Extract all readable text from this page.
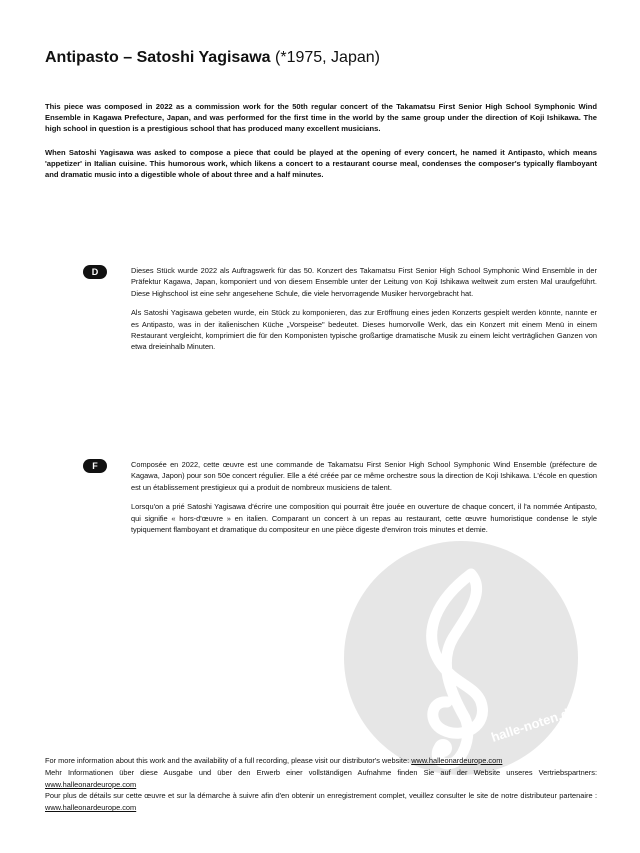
Antipasto – Satoshi Yagisawa (*1975, Japan)

This piece was composed in 2022 as a commission work for the 50th regular concert of the Takamatsu First Senior High School Symphonic Wind Ensemble in Kagawa Prefecture, Japan, and was performed for the first time in the world by the same group under the direction of Koji Ishikawa. The high school in question is a prestigious school that has produced many excellent musicians.

When Satoshi Yagisawa was asked to compose a piece that could be played at the opening of every concert, he named it Antipasto, which means 'appetizer' in Italian cuisine. This humorous work, which likens a concert to a restaurant course meal, condenses the composer's typically flamboyant and dramatic music into a digestible whole of about three and a half minutes.

D	Dieses Stück wurde 2022 als Auftragswerk für das 50. Konzert des Takamatsu First Senior High School Symphonic Wind Ensemble in der Präfektur Kagawa, Japan, komponiert und von diesem Ensemble unter der Leitung von Koji Ishikawa weltweit zum ersten Mal uraufgeführt. Diese Highschool ist eine sehr angesehene Schule, die viele hervorragende Musiker hervorgebracht hat.

Als Satoshi Yagisawa gebeten wurde, ein Stück zu komponieren, das zur Eröffnung eines jeden Konzerts gespielt werden könnte, nannte er es Antipasto, was in der italienischen Küche „Vorspeise" bedeutet. Dieses humorvolle Werk, das ein Konzert mit einem Menü in einem Restaurant vergleicht, komprimiert die für den Komponisten typische großartige dramatische Musik zu einem leicht verträglichen Ganzen von etwa dreieinhalb Minuten.

F	Composée en 2022, cette œuvre est une commande de Takamatsu First Senior High School Symphonic Wind Ensemble (préfecture de Kagawa, Japon) pour son 50e concert régulier. Elle a été créée par ce même orchestre sous la direction de Koji Ishikawa. L'école en question est un établissement prestigieux qui a produit de nombreux musiciens de talent.

Lorsqu'on a prié Satoshi Yagisawa d'écrire une composition qui pourrait être jouée en ouverture de chaque concert, il l'a nommée Antipasto, qui signifie « hors-d'œuvre » en italien. Comparant un concert à un repas au restaurant, cette œuvre humoristique condense le style typiquement flamboyant et dramatique du compositeur en une pièce digeste d'environ trois minutes et demie.

halle-noten.de

For more information about this work and the availability of a full recording, please visit our distributor's website: www.halleonardeurope.com

Mehr Informationen über diese Ausgabe und über den Erwerb einer vollständigen Aufnahme finden Sie auf der Website unseres Vertriebspartners: www.halleonardeurope.com

Pour plus de détails sur cette œuvre et sur la démarche à suivre afin d'en obtenir un enregistrement complet, veuillez consulter le site de notre distributeur partenaire : www.halleonardeurope.com
